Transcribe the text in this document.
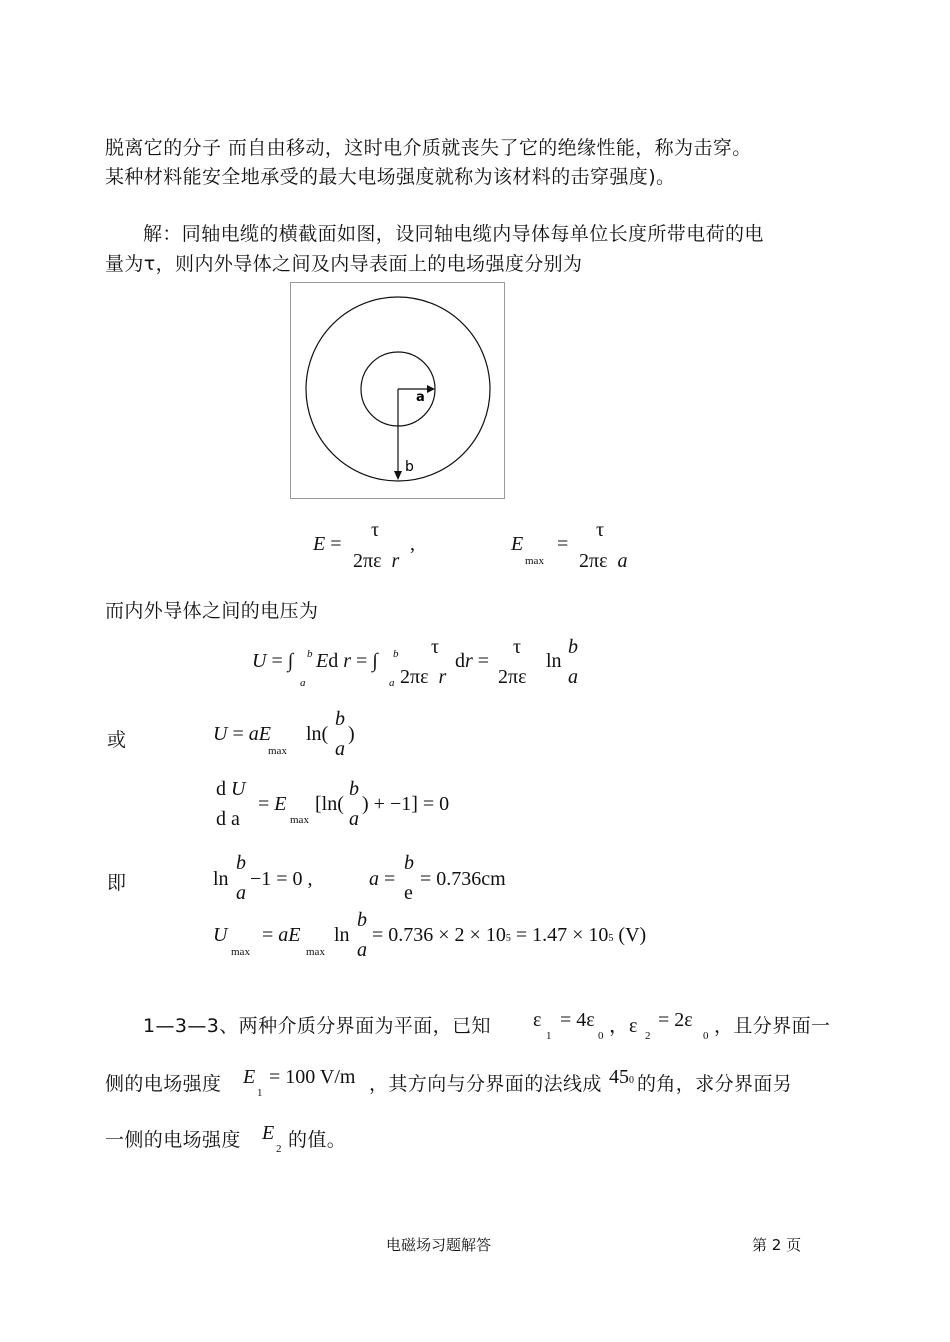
脱离它的分子 而自由移动，这时电介质就丧失了它的绝缘性能，称为击穿。
某种材料能安全地承受的最大电场强度就称为该材料的击穿强度)。
解：同轴电缆的横截面如图，设同轴电缆内导体每单位长度所带电荷的电
量为τ，则内外导体之间及内导表面上的电场强度分别为
a
b
τ
E =
2πε  r
,
τ
E
max
=
2πε  a
而内外导体之间的电压为
U = ∫ b Ed r = ∫ b
a	a
τ
2πε  r
dr =
τ
2πε
ln
b
a
或	U = aE
max
ln(
b
a
)
d U
d a
= E
max
[ln(
b
a
) + −1] = 0
即	ln
b
a
−1 = 0 ,	a =
b
e
= 0.736cm
U
max
= aE
max
ln
b
a
= 0.736 × 2 × 105 = 1.47 × 105 (V)
1—3—3、两种介质分界面为平面，已知 ε
1
= 4ε
0 ，ε 2
= 2ε
0 ，且分界面一
侧的电场强度 E
1
= 100 V/m ，其方向与分界面的法线成 450 的角，求分界面另
一侧的电场强度 E
2 的值。
电磁场习题解答	第 2 页
